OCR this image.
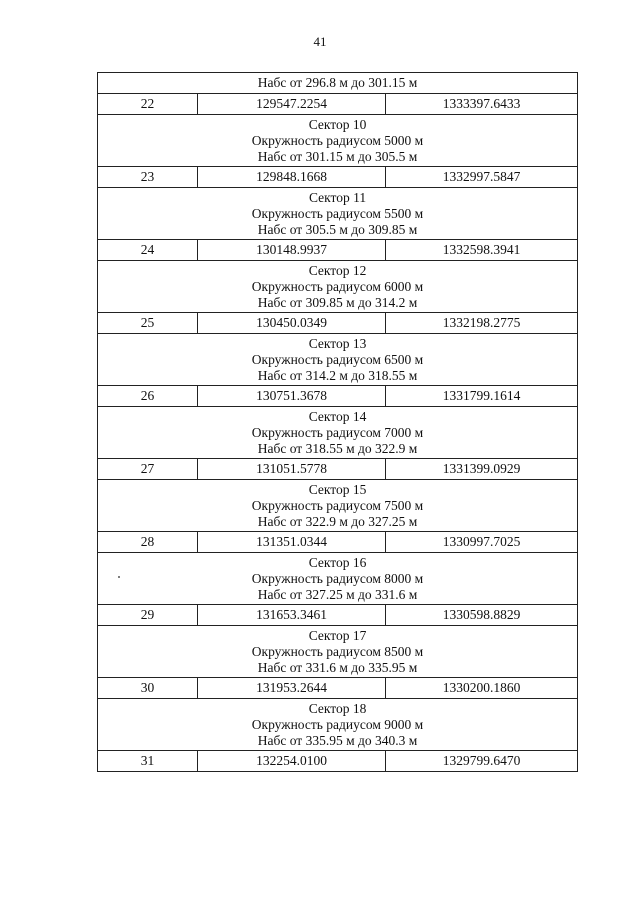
41
Набс от 296.8 м до 301.15 м		
22	129547.2254	1333397.6433

Сектор 10
Окружность радиусом 5000 м
Набс от 301.15 м до 305.5 м		

23	129848.1668	1332997.5847

Сектор 11
Окружность радиусом 5500 м
Набс от 305.5 м до 309.85 м		

24	130148.9937	1332598.3941

Сектор 12
Окружность радиусом 6000 м
Набс от 309.85 м до 314.2 м		

25	130450.0349	1332198.2775

Сектор 13
Окружность радиусом 6500 м
Набс от 314.2 м до 318.55 м		

26	130751.3678	1331799.1614

Сектор 14
Окружность радиусом 7000 м
Набс от 318.55 м до 322.9 м		

27	131051.5778	1331399.0929

Сектор 15
Окружность радиусом 7500 м
Набс от 322.9 м до 327.25 м		

28	131351.0344	1330997.7025

Сектор 16
Окружность радиусом 8000 м
Набс от 327.25 м до 331.6 м		

29	131653.3461	1330598.8829

Сектор 17
Окружность радиусом 8500 м
Набс от 331.6 м до 335.95 м		

30	131953.2644	1330200.1860

Сектор 18
Окружность радиусом 9000 м
Набс от 335.95 м до 340.3 м		

31	132254.0100	1329799.6470
